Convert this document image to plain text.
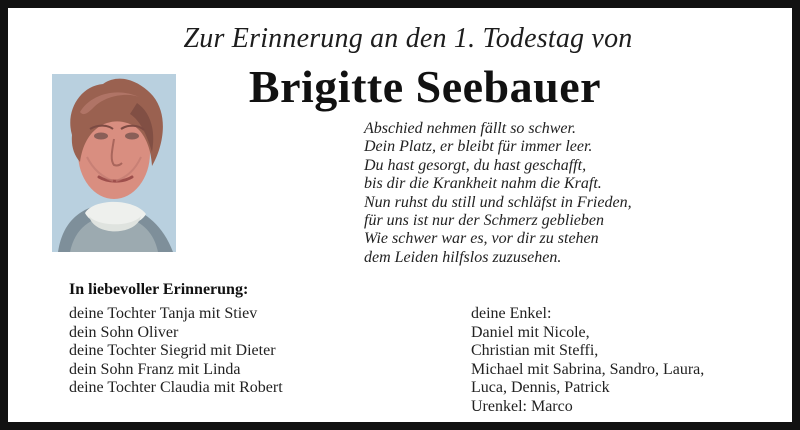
Zur Erinnerung an den 1. Todestag von
Brigitte Seebauer
Abschied nehmen fällt so schwer.
Dein Platz, er bleibt für immer leer.
Du hast gesorgt, du hast geschafft,
bis dir die Krankheit nahm die Kraft.
Nun ruhst du still und schläfst in Frieden,
für uns ist nur der Schmerz geblieben
Wie schwer war es, vor dir zu stehen
dem Leiden hilfslos zuzusehen.
In liebevoller Erinnerung:
deine Tochter Tanja mit Stiev
dein Sohn Oliver
deine Tochter Siegrid mit Dieter
dein Sohn Franz mit Linda
deine Tochter Claudia mit Robert
deine Enkel:
Daniel mit Nicole,
Christian mit Steffi,
Michael mit Sabrina, Sandro, Laura,
Luca, Dennis, Patrick
Urenkel: Marco
